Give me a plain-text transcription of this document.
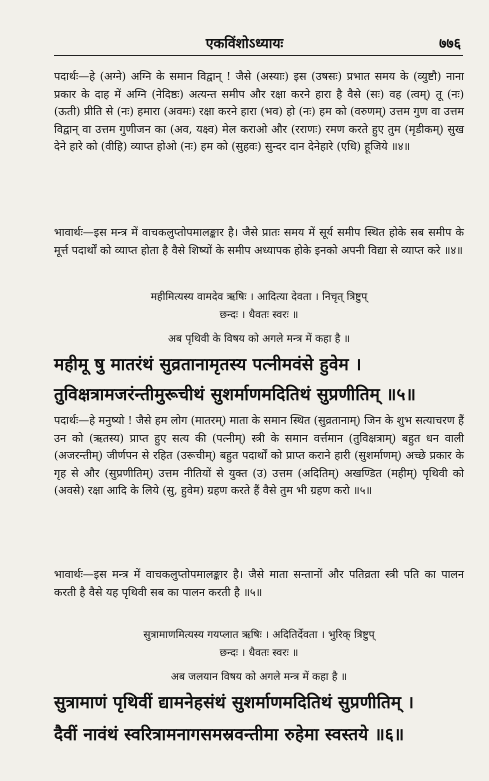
एकविंशोऽध्यायः	७७६
पदार्थः—हे (अग्ने) अग्नि के समान विद्वान् ! जैसे (अस्याः) इस (उषसः) प्रभात समय के (व्युष्टौ) नाना प्रकार के दाह में अग्नि (नेदिष्ठः) अत्यन्त समीप और रक्षा करने हारा है वैसे (सः) वह (त्वम्) तू (नः) (ऊती) प्रीति से (नः) हमारा (अवमः) रक्षा करने हारा (भव) हो (नः) हम को (वरुणम्) उत्तम गुण वा उत्तम विद्वान् वा उत्तम गुणीजन का (अव, यक्ष्व) मेल कराओ और (रराणः) रमण करते हुए तुम (मृडीकम्) सुख देने हारे को (वीहि) व्याप्त होओ (नः) हम को (सुहवः) सुन्दर दान देनेहारे (एधि) हूजिये ॥४॥
भावार्थः—इस मन्त्र में वाचकलुप्तोपमालङ्कार है। जैसे प्रातः समय में सूर्य समीप स्थित होके सब समीप के मूर्त्त पदार्थों को व्याप्त होता है वैसे शिष्यों के समीप अध्यापक होके इनको अपनी विद्या से व्याप्त करे ॥४॥
महीमित्यस्य वामदेव ऋषिः । आदित्या देवता । निचृत् त्रिष्टुप्
छन्दः । धैवतः स्वरः ॥
अब पृथिवी के विषय को अगले मन्त्र में कहा है ॥
महीमू षु मातरंथं सुव्रतानामृतस्य पत्नीमवंसे हुवेम ।
तुविक्षत्रामजरंन्तीमुरूचीथं सुशर्माणमदितिथं सुप्रणीतिम् ॥५॥
पदार्थः—हे मनुष्यो ! जैसे हम लोग (मातरम्) माता के समान स्थित (सुव्रतानाम्) जिन के शुभ सत्याचरण हैं उन को (ऋतस्य) प्राप्त हुए सत्य की (पत्नीम्) स्त्री के समान वर्त्तमान (तुविक्षत्राम्) बहुत धन वाली (अजरन्तीम्) जीर्णपन से रहित (उरूचीम्) बहुत पदार्थों को प्राप्त कराने हारी (सुशर्माणम्) अच्छे प्रकार के गृह से और (सुप्रणीतिम्) उत्तम नीतियों से युक्त (उ) उत्तम (अदितिम्) अखण्डित (महीम्) पृथिवी को (अवसे) रक्षा आदि के लिये (सु, हुवेम) ग्रहण करते हैं वैसे तुम भी ग्रहण करो ॥५॥
भावार्थः—इस मन्त्र में वाचकलुप्तोपमालङ्कार है। जैसे माता सन्तानों और पतिव्रता स्त्री पति का पालन करती है वैसे यह पृथिवी सब का पालन करती है ॥५॥
सुत्रामाणमित्यस्य गयप्लात ऋषिः । अदितिर्देवता । भुरिक् त्रिष्टुप्
छन्दः । धैवतः स्वरः ॥
अब जलयान विषय को अगले मन्त्र में कहा है ॥
सुत्रामाणं पृथिवीं द्यामनेहसंथं सुशर्माणमदितिथं सुप्रणीतिम् ।
दैवीं नावंथं स्वरित्रामनागसमस्रवन्तीमा रुहेमा स्वस्तये ॥६॥
